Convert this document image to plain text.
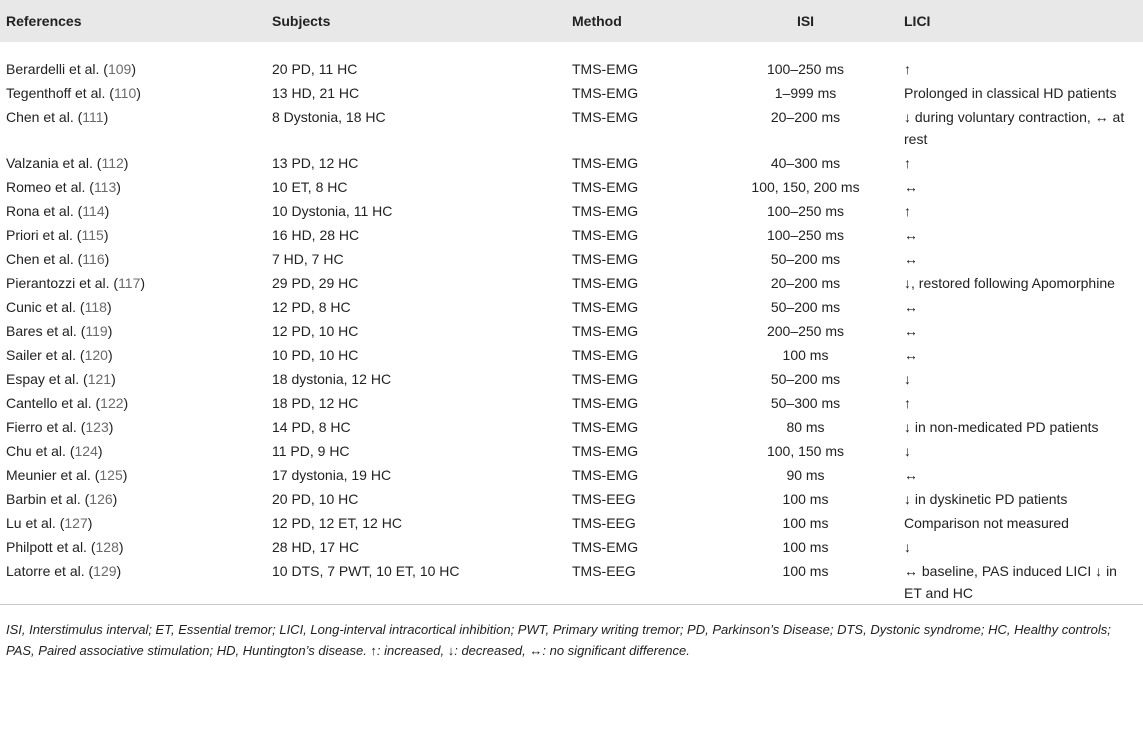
References	Subjects	Method	ISI	LICI
Berardelli et al. (109)	20 PD, 11 HC	TMS-EMG	100–250 ms	↑
Tegenthoff et al. (110)	13 HD, 21 HC	TMS-EMG	1–999 ms	Prolonged in classical HD patients
Chen et al. (111)	8 Dystonia, 18 HC	TMS-EMG	20–200 ms	↓ during voluntary contraction, ↔ at rest
Valzania et al. (112)	13 PD, 12 HC	TMS-EMG	40–300 ms	↑
Romeo et al. (113)	10 ET, 8 HC	TMS-EMG	100, 150, 200 ms	↔
Rona et al. (114)	10 Dystonia, 11 HC	TMS-EMG	100–250 ms	↑
Priori et al. (115)	16 HD, 28 HC	TMS-EMG	100–250 ms	↔
Chen et al. (116)	7 HD, 7 HC	TMS-EMG	50–200 ms	↔
Pierantozzi et al. (117)	29 PD, 29 HC	TMS-EMG	20–200 ms	↓, restored following Apomorphine
Cunic et al. (118)	12 PD, 8 HC	TMS-EMG	50–200 ms	↔
Bares et al. (119)	12 PD, 10 HC	TMS-EMG	200–250 ms	↔
Sailer et al. (120)	10 PD, 10 HC	TMS-EMG	100 ms	↔
Espay et al. (121)	18 dystonia, 12 HC	TMS-EMG	50–200 ms	↓
Cantello et al. (122)	18 PD, 12 HC	TMS-EMG	50–300 ms	↑
Fierro et al. (123)	14 PD, 8 HC	TMS-EMG	80 ms	↓ in non-medicated PD patients
Chu et al. (124)	11 PD, 9 HC	TMS-EMG	100, 150 ms	↓
Meunier et al. (125)	17 dystonia, 19 HC	TMS-EMG	90 ms	↔
Barbin et al. (126)	20 PD, 10 HC	TMS-EEG	100 ms	↓ in dyskinetic PD patients
Lu et al. (127)	12 PD, 12 ET, 12 HC	TMS-EEG	100 ms	Comparison not measured
Philpott et al. (128)	28 HD, 17 HC	TMS-EMG	100 ms	↓
Latorre et al. (129)	10 DTS, 7 PWT, 10 ET, 10 HC	TMS-EEG	100 ms	↔ baseline, PAS induced LICI ↓ in ET and HC
ISI, Interstimulus interval; ET, Essential tremor; LICI, Long-interval intracortical inhibition; PWT, Primary writing tremor; PD, Parkinson’s Disease; DTS, Dystonic syndrome; HC, Healthy controls; PAS, Paired associative stimulation; HD, Huntington’s disease. ↑: increased, ↓: decreased, ↔: no significant difference.
